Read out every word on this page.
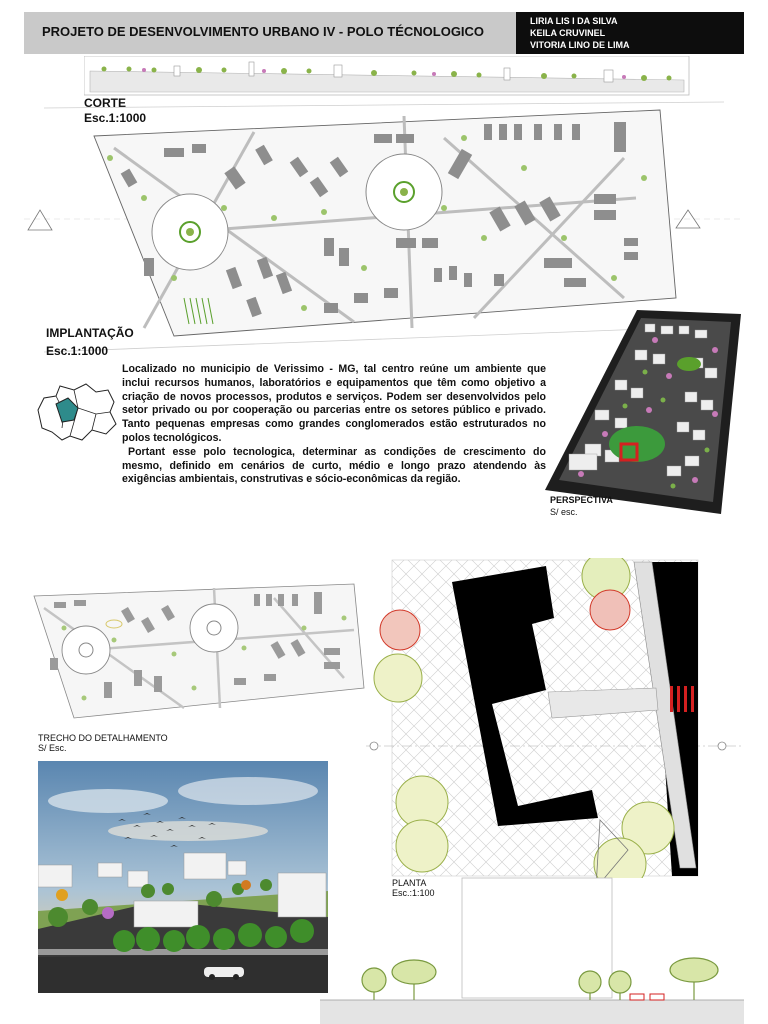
PROJETO DE DESENVOLVIMENTO URBANO IV - POLO TÉCNOLOGICO
LIRIA LIS I DA SILVA
KEILA CRUVINEL
VITORIA LINO DE LIMA
CORTE
Esc.1:1000
IMPLANTAÇÃO
Esc.1:1000

Localizado no municipio de Verissimo - MG, tal centro reúne um ambiente que inclui recursos humanos, laboratórios e equipamentos que têm como objetivo a criação de novos processos, produtos e serviços. Podem ser desenvolvidos pelo setor privado ou por cooperação ou parcerias entre os setores público e privado. Tanto pequenas empresas como grandes conglomerados estão estruturados no polos tecnológicos.

Portant esse polo tecnologica, determinar as condições de crescimento do mesmo, definido em cenários de curto, médio e longo prazo atendendo às exigências ambientais, construtivas e sócio-econômicas da região.

PERSPECTIVA
S/ esc.
TRECHO DO DETALHAMENTO
S/ Esc.
PLANTA
Esc.:1:100
